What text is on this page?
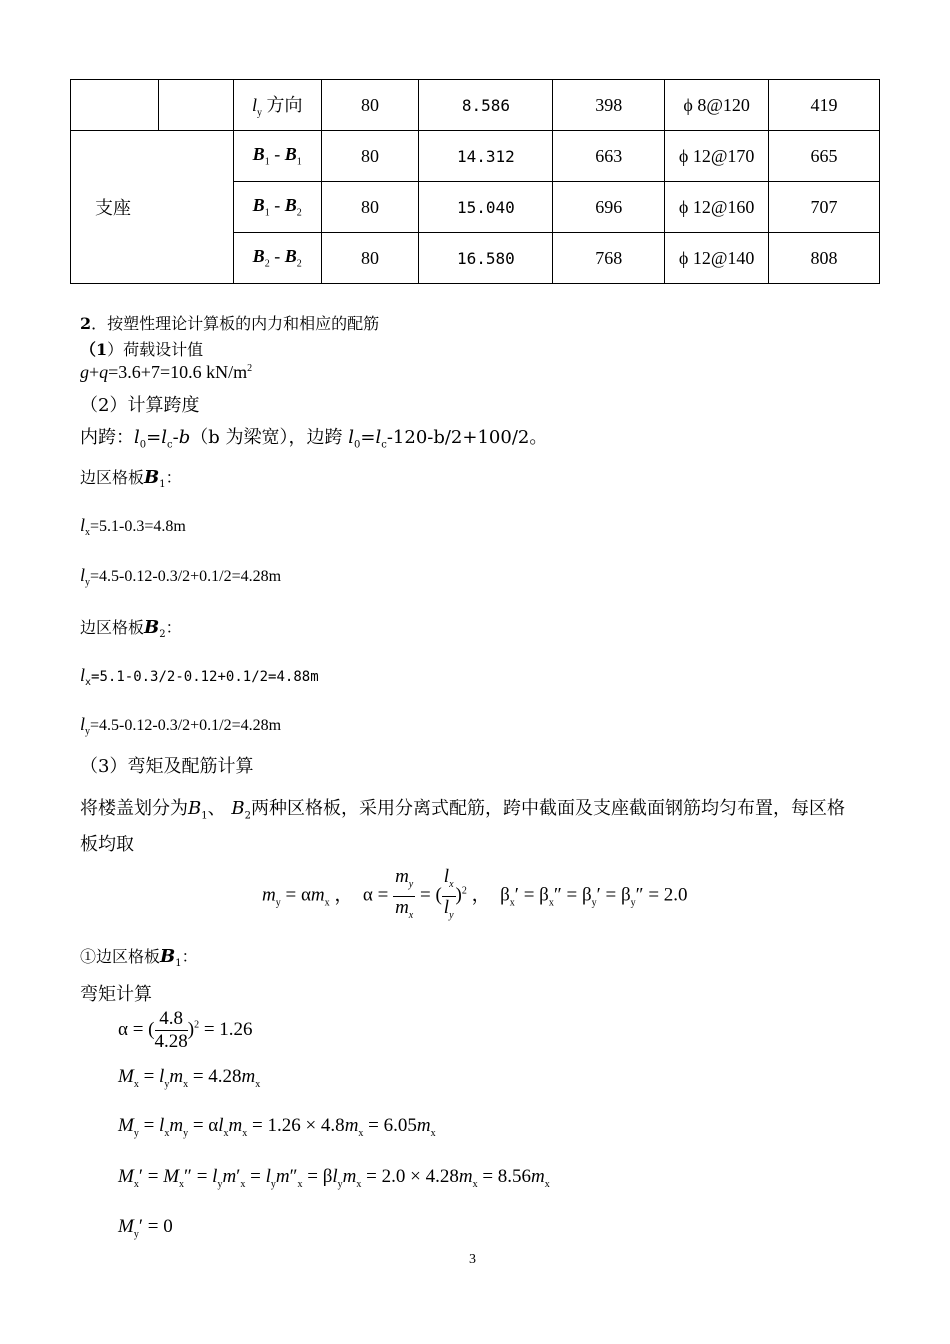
		$l_y$ 方向	80	8.586	398	ϕ 8@120	419
支座		$B_1 - B_1$	80	14.312	663	ϕ 12@170	665
		$B_1 - B_2$	80	15.040	696	ϕ 12@160	707
		$B_2 - B_2$	80	16.580	768	ϕ 12@140	808
2．按塑性理论计算板的内力和相应的配筋
（1）荷载设计值
g+q=3.6+7=10.6 $kN/m^2$
（2）计算跨度
内跨：$l_0=l_c-b(b$ 为梁宽），边跨 $l_0=l_c-120-b/2+100/2$。
边区格板$B_1$：
$l_x=5.1-0.3=4.8m$
$l_y=4.5-0.12-0.3/2+0.1/2=4.28m$
边区格板$B_2$：
$l_x=5.1-0.3/2-0.12+0.1/2=4.88m$
$l_y=4.5-0.12-0.3/2+0.1/2=4.28m$
（3）弯矩及配筋计算
将楼盖划分为$B_1$、 $B_2$两种区格板，采用分离式配筋，跨中截面及支座截面钢筋均匀布置，每区格
板均取
$m_y = \alpha m_x$ ，  $\alpha = \frac{m_y}{m_x}$ = ( $\frac{l_x}{l_y} )^2$ ，  $\beta_x' = \beta_x'' = \beta_y' = \beta_y'' = 2.0$
①边区格板$B_1$：
弯矩计算
α = ( $\frac{4.8}{4.28} )^2 = 1.26$
$M_x = l_ym_x = 4.28m_x$
$M_y = l_xm_y = \alpha l_xm_x = 1.26 \times 4.8m_x = 6.05m_x$
$M_x' = M_x'' = l_ym'_x = l_ym''_x = \beta l_ym_x = 2.0 \times 4.28m_x = 8.56m_x$
$M_y' = 0$
3
